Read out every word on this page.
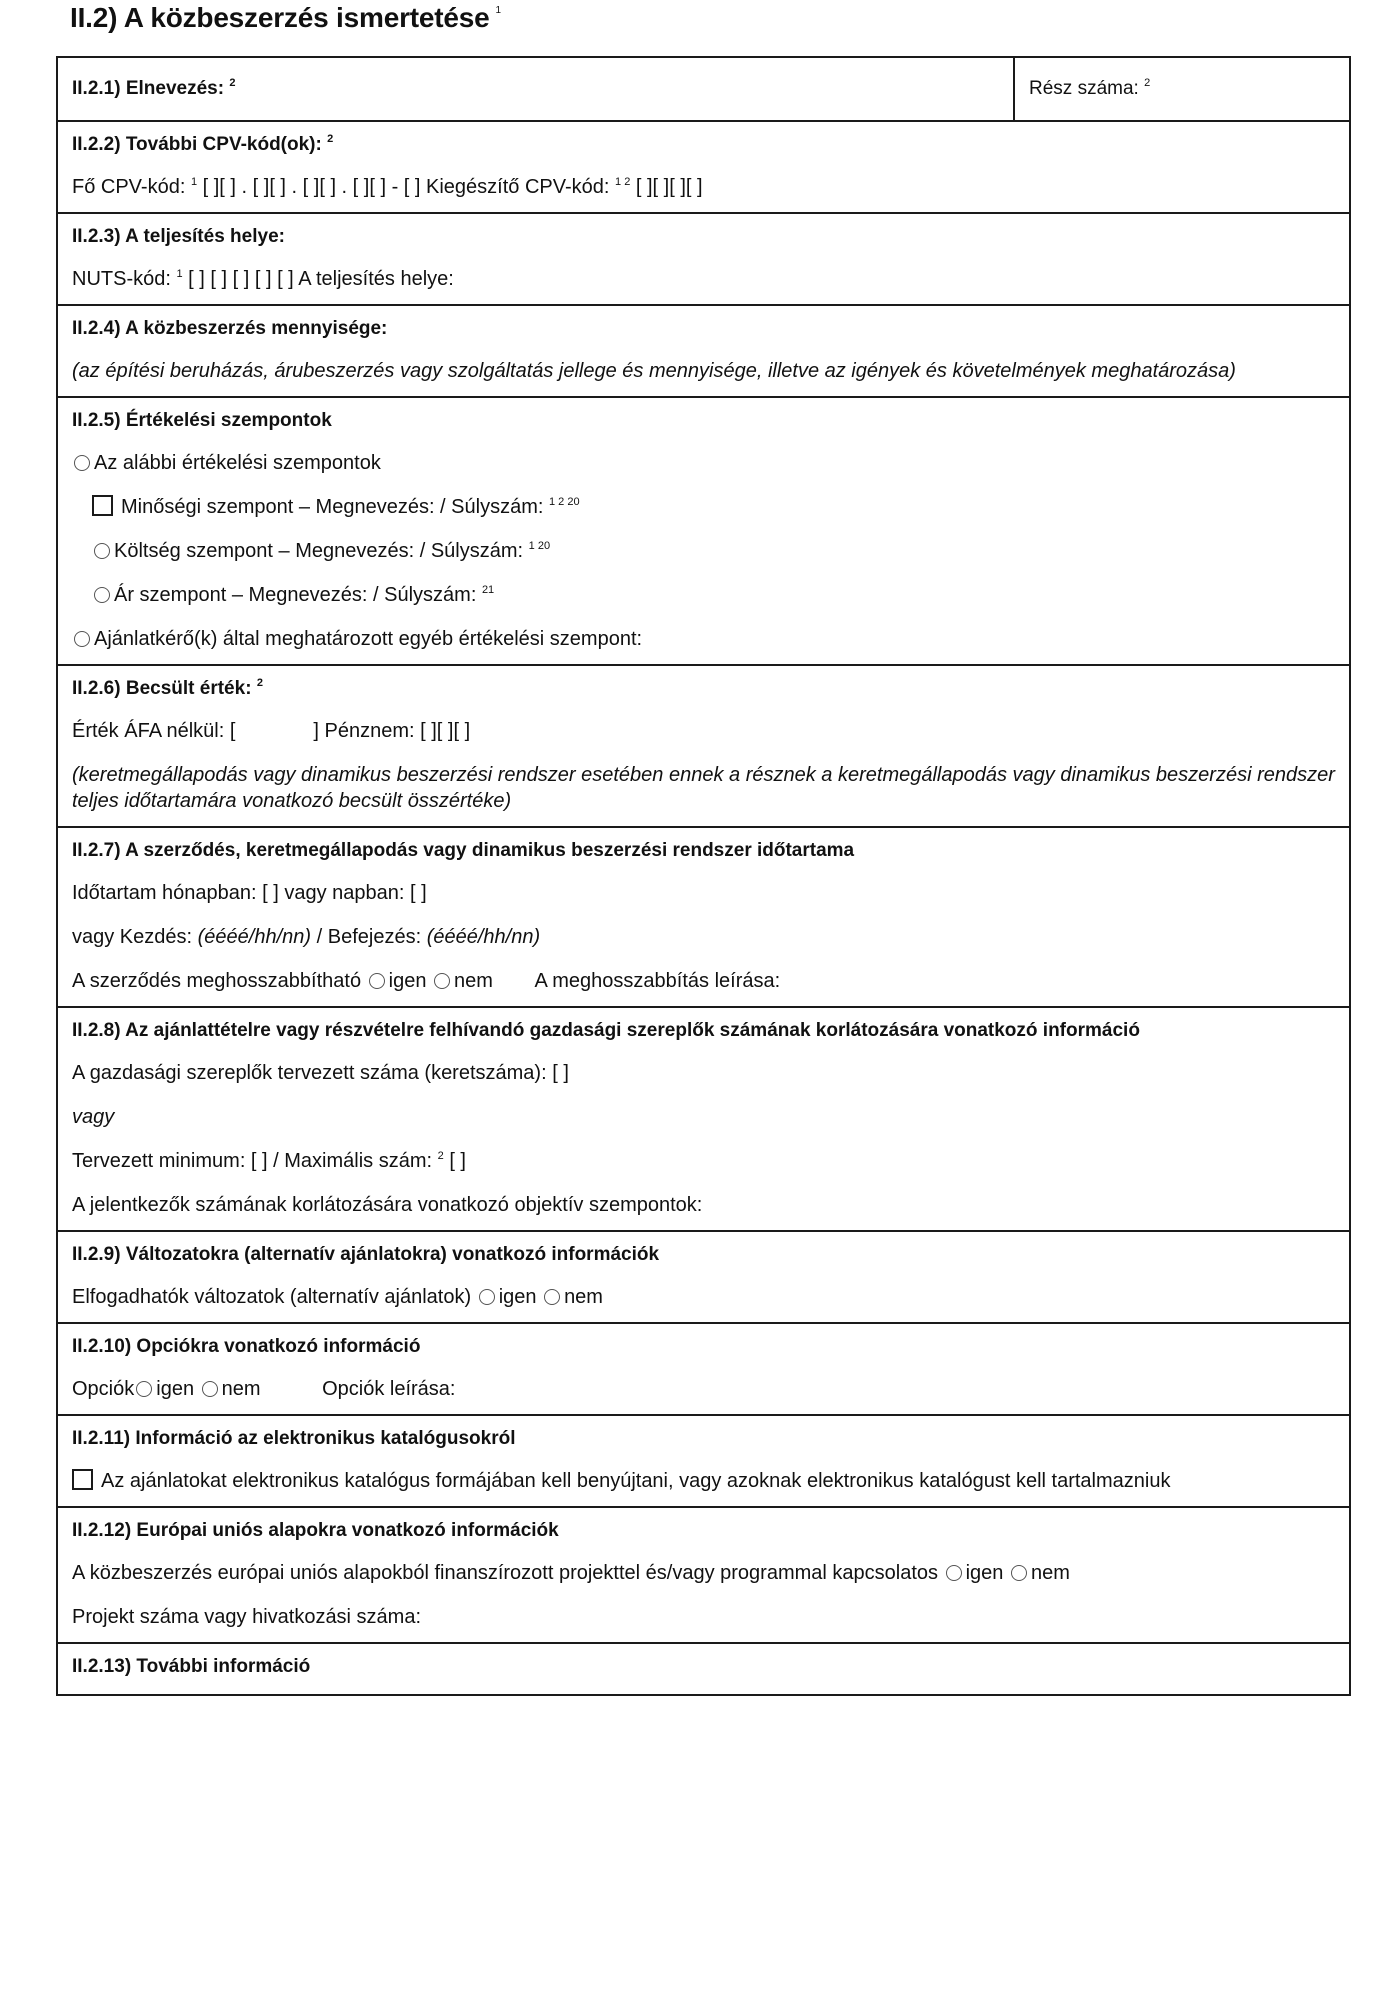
II.2) A közbeszerzés ismertetése $^1$
II.2.1) Elnevezés: $^2$	Rész száma: $^2$
II.2.2) További CPV-kód(ok): $^2$
Fő CPV-kód: $^1$ [ ][ ] . [ ][ ] . [ ][ ] . [ ][ ] - [ ] Kiegészítő CPV-kód: $^{1 2}$ [ ][ ][ ][ ]
II.2.3) A teljesítés helye:
NUTS-kód: $^1$ [ ] [ ] [ ] [ ] [ ] A teljesítés helye:
II.2.4) A közbeszerzés mennyisége:
(az építési beruházás, árubeszerzés vagy szolgáltatás jellege és mennyisége, illetve az igények és követelmények meghatározása)
II.2.5) Értékelési szempontok
Az alábbi értékelési szempontok
Minőségi szempont – Megnevezés: / Súlyszám: $^{1 2 20}$
Költség szempont – Megnevezés: / Súlyszám: $^{1 20}$
Ár szempont – Megnevezés: / Súlyszám: $^{21}$
Ajánlatkérő(k) által meghatározott egyéb értékelési szempont:
II.2.6) Becsült érték: $^2$
Érték ÁFA nélkül: [	] Pénznem: [ ][ ][ ]
(keretmegállapodás vagy dinamikus beszerzési rendszer esetében ennek a résznek a keretmegállapodás vagy dinamikus beszerzési rendszer teljes időtartamára vonatkozó becsült összértéke)
II.2.7) A szerződés, keretmegállapodás vagy dinamikus beszerzési rendszer időtartama
Időtartam hónapban: [ ] vagy napban: [ ]
vagy Kezdés: (éééé/hh/nn) / Befejezés: (éééé/hh/nn)
A szerződés meghosszabbítható igen nem A meghosszabbítás leírása:
II.2.8) Az ajánlattételre vagy részvételre felhívandó gazdasági szereplők számának korlátozására vonatkozó információ
A gazdasági szereplők tervezett száma (keretszáma): [ ]
vagy
Tervezett minimum: [ ] / Maximális szám: $^2$ [ ]
A jelentkezők számának korlátozására vonatkozó objektív szempontok:
II.2.9) Változatokra (alternatív ajánlatokra) vonatkozó információk
Elfogadhatók változatok (alternatív ajánlatok) igen nem
II.2.10) Opciókra vonatkozó információ
Opciók igen nem	Opciók leírása:
II.2.11) Információ az elektronikus katalógusokról
Az ajánlatokat elektronikus katalógus formájában kell benyújtani, vagy azoknak elektronikus katalógust kell tartalmazniuk
II.2.12) Európai uniós alapokra vonatkozó információk
A közbeszerzés európai uniós alapokból finanszírozott projekttel és/vagy programmal kapcsolatos igen nem
Projekt száma vagy hivatkozási száma:
II.2.13) További információ
